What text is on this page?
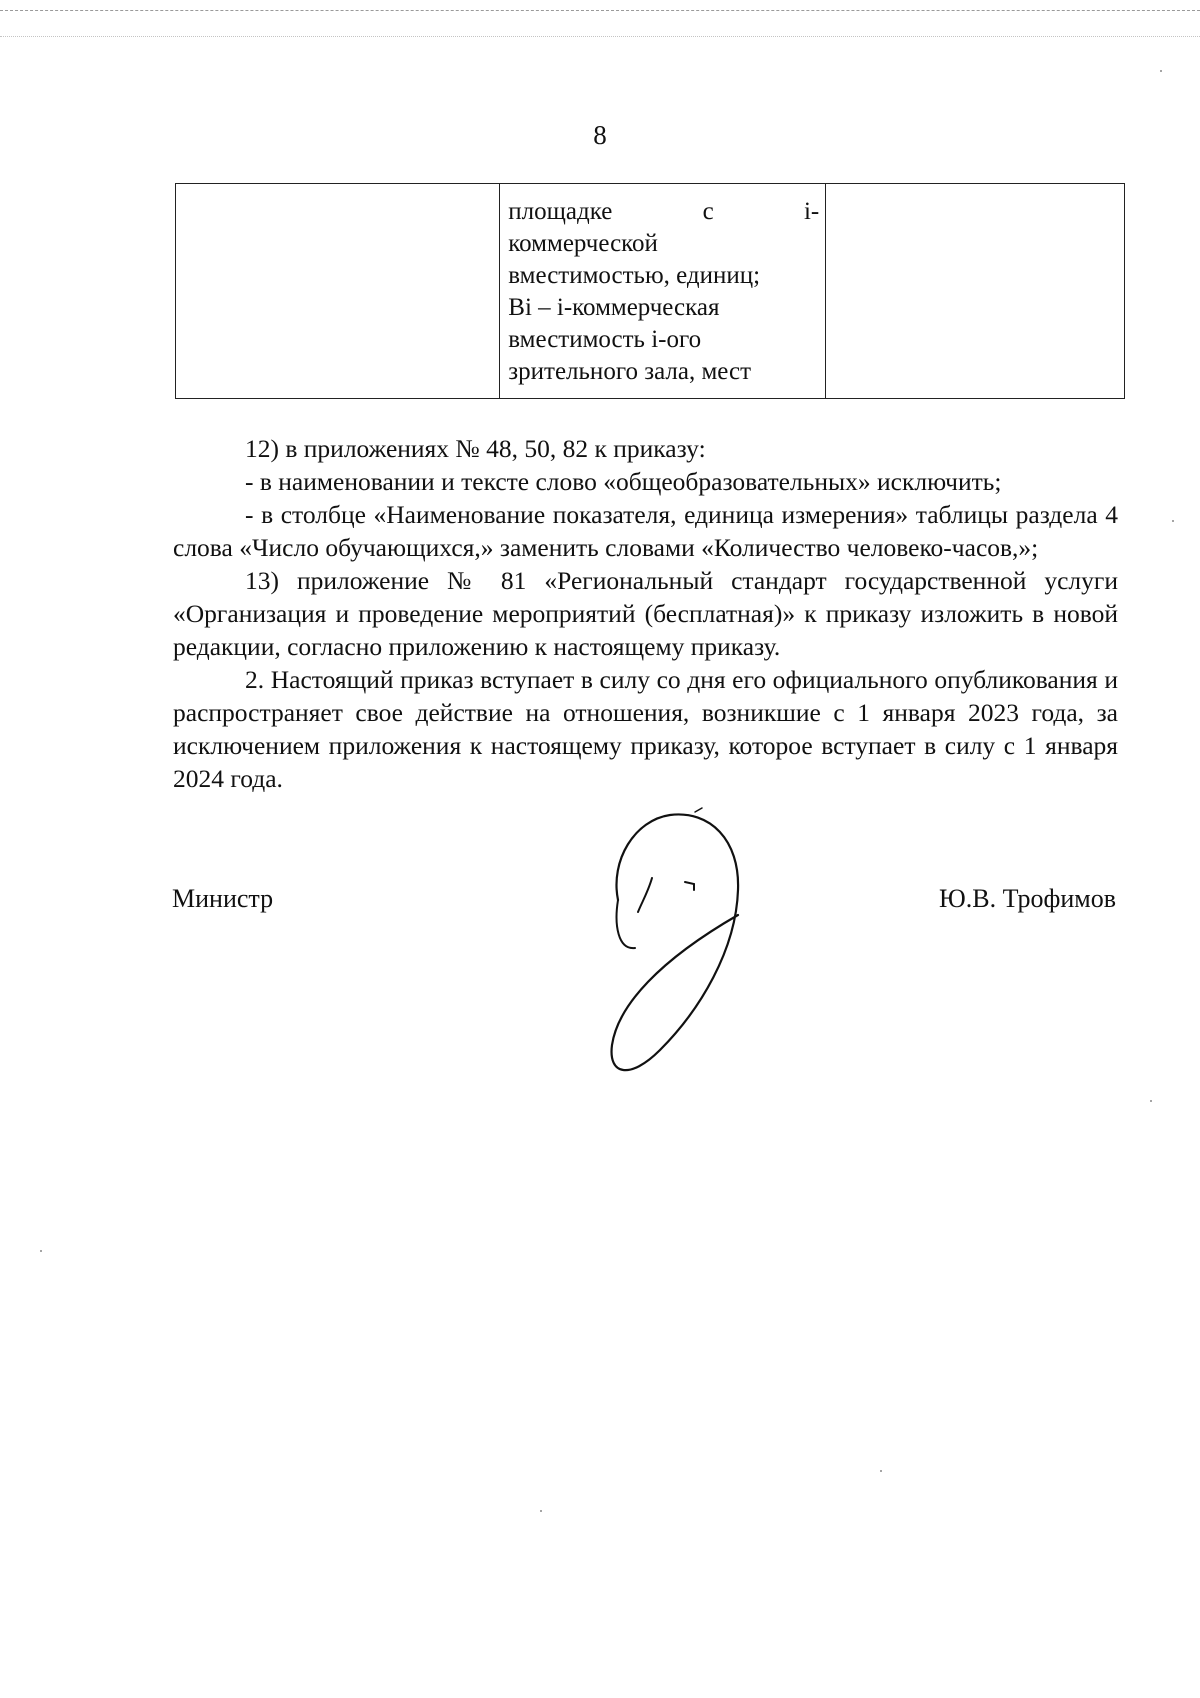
8

площадке	с	i-
коммерческой
вместимостью, единиц;
Bi – i-коммерческая
вместимость i-ого
зрительного зала, мест

12) в приложениях № 48, 50, 82 к приказу:

- в наименовании и тексте слово «общеобразовательных» исключить;

- в столбце «Наименование показателя, единица измерения» таблицы раздела 4 слова «Число обучающихся,» заменить словами «Количество человеко-часов,»;

13) приложение № 81 «Региональный стандарт государственной услуги «Организация и проведение мероприятий (бесплатная)» к приказу изложить в новой редакции, согласно приложению к настоящему приказу.

2. Настоящий приказ вступает в силу со дня его официального опубликования и распространяет свое действие на отношения, возникшие с 1 января 2023 года, за исключением приложения к настоящему приказу, которое вступает в силу с 1 января 2024 года.

Министр	Ю.В. Трофимов
